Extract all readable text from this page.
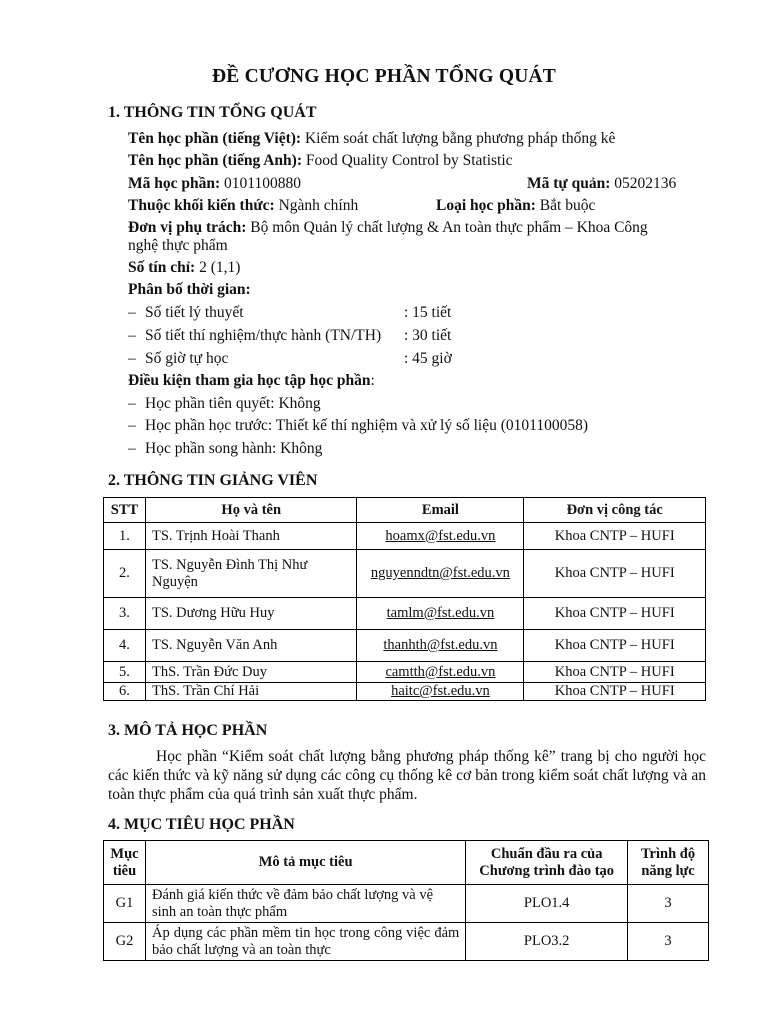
ĐỀ CƯƠNG HỌC PHẦN TỔNG QUÁT
1. THÔNG TIN TỔNG QUÁT
Tên học phần (tiếng Việt): Kiểm soát chất lượng bằng phương pháp thống kê
Tên học phần (tiếng Anh): Food Quality Control by Statistic
Mã học phần: 0101100880	Mã tự quản: 05202136
Thuộc khối kiến thức: Ngành chính	Loại học phần: Bắt buộc
Đơn vị phụ trách: Bộ môn Quản lý chất lượng & An toàn thực phẩm – Khoa Công
nghệ thực phẩm
Số tín chỉ: 2 (1,1)
Phân bố thời gian:
– Số tiết lý thuyết	: 15 tiết
– Số tiết thí nghiệm/thực hành (TN/TH) : 30 tiết
– Số giờ tự học	: 45 giờ
Điều kiện tham gia học tập học phần:
– Học phần tiên quyết: Không
– Học phần học trước: Thiết kế thí nghiệm và xử lý số liệu (0101100058)
– Học phần song hành: Không
2. THÔNG TIN GIẢNG VIÊN
STT	Họ và tên	Email	Đơn vị công tác
1.	TS. Trịnh Hoài Thanh	hoamx@fst.edu.vn	Khoa CNTP – HUFI
2.	TS. Nguyễn Đình Thị Như Nguyện	nguyenndtn@fst.edu.vn	Khoa CNTP – HUFI
3.	TS. Dương Hữu Huy	tamlm@fst.edu.vn	Khoa CNTP – HUFI
4.	TS. Nguyễn Văn Anh	thanhth@fst.edu.vn	Khoa CNTP – HUFI
5.	ThS. Trần Đức Duy	camtth@fst.edu.vn	Khoa CNTP – HUFI
6.	ThS. Trần Chí Hải	haitc@fst.edu.vn	Khoa CNTP – HUFI
3. MÔ TẢ HỌC PHẦN
Học phần “Kiểm soát chất lượng bằng phương pháp thống kê” trang bị cho người học các kiến thức và kỹ năng sử dụng các công cụ thống kê cơ bản trong kiểm soát chất lượng và an toàn thực phẩm của quá trình sản xuất thực phẩm.
4. MỤC TIÊU HỌC PHẦN
Mục tiêu	Mô tả mục tiêu	Chuẩn đầu ra của Chương trình đào tạo	Trình độ năng lực
G1	Đánh giá kiến thức về đảm bảo chất lượng và vệ sinh an toàn thực phẩm	PLO1.4	3
G2	Áp dụng các phần mềm tin học trong công việc đảm bảo chất lượng và an toàn thực	PLO3.2	3
